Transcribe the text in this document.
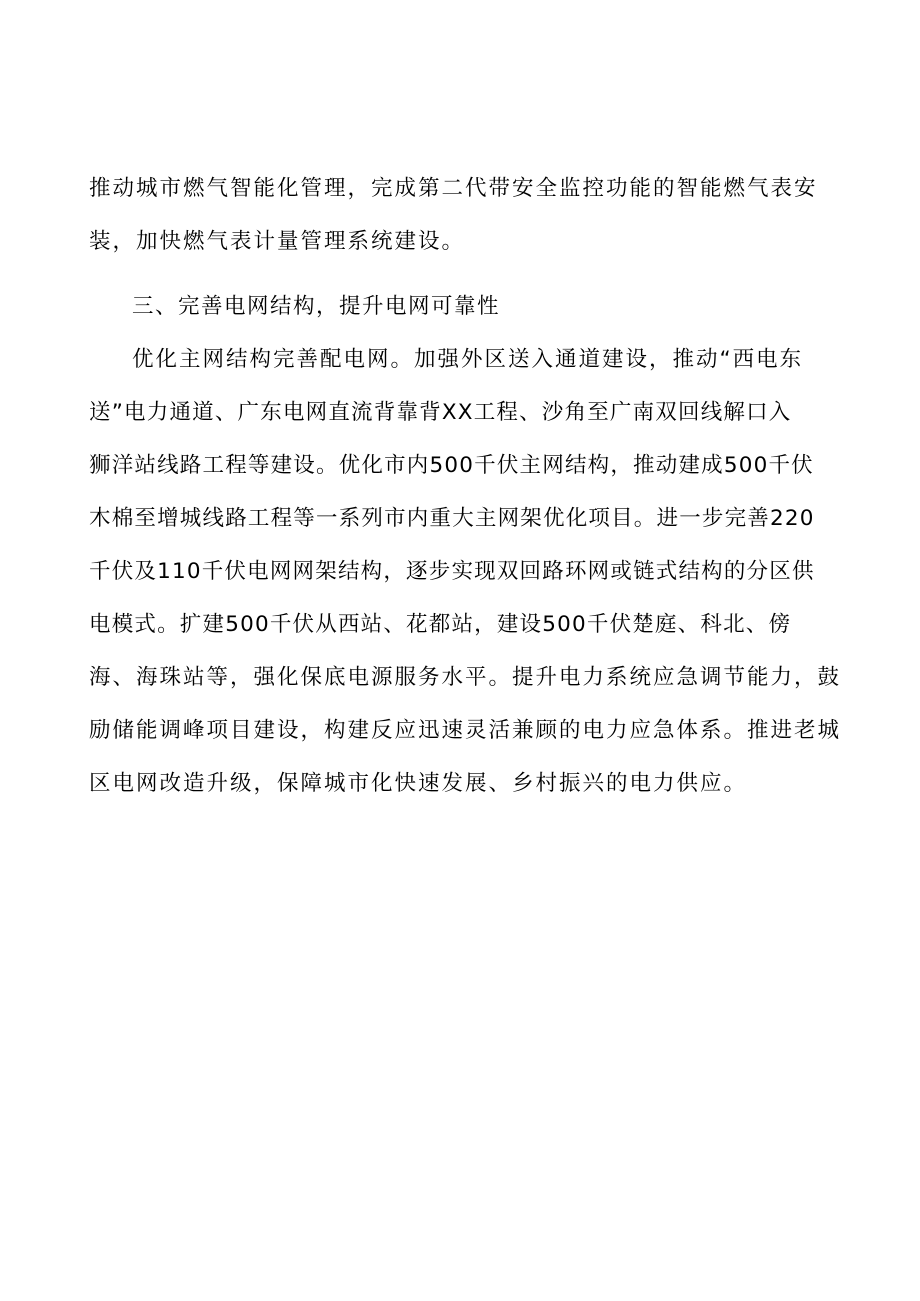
推动城市燃气智能化管理，完成第二代带安全监控功能的智能燃气表安
装，加快燃气表计量管理系统建设。
三、完善电网结构，提升电网可靠性
优化主网结构完善配电网。加强外区送入通道建设，推动“西电东
送”电力通道、广东电网直流背靠背XX工程、沙角至广南双回线解口入
狮洋站线路工程等建设。优化市内500千伏主网结构，推动建成500千伏
木棉至增城线路工程等一系列市内重大主网架优化项目。进一步完善220
千伏及110千伏电网网架结构，逐步实现双回路环网或链式结构的分区供
电模式。扩建500千伏从西站、花都站，建设500千伏楚庭、科北、傍
海、海珠站等，强化保底电源服务水平。提升电力系统应急调节能力，鼓
励储能调峰项目建设，构建反应迅速灵活兼顾的电力应急体系。推进老城
区电网改造升级，保障城市化快速发展、乡村振兴的电力供应。
